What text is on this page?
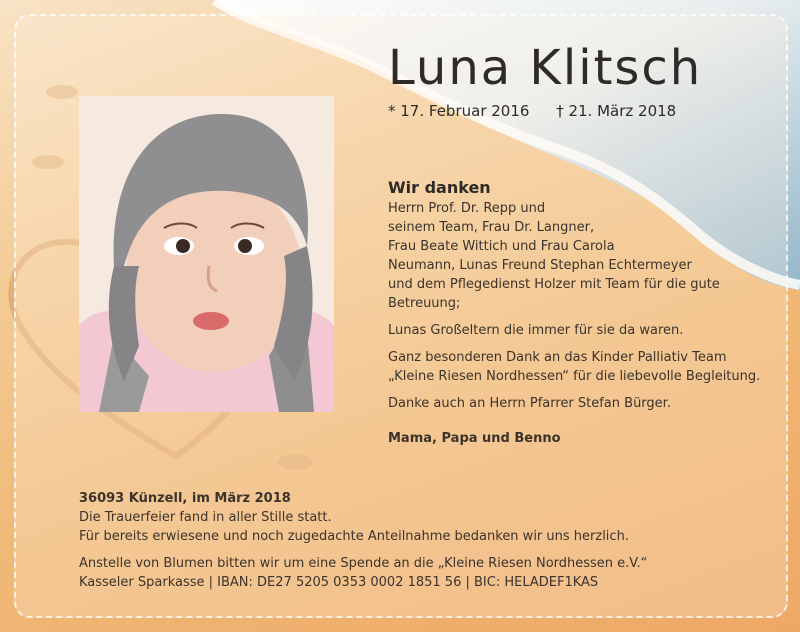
Luna Klitsch
* 17. Februar 2016 † 21. März 2018
Wir danken

Herrn Prof. Dr. Repp und

seinem Team, Frau Dr. Langner,

Frau Beate Wittich und Frau Carola

Neumann, Lunas Freund Stephan Echtermeyer

und dem Pflegedienst Holzer mit Team für die gute

Betreuung;

Lunas Großeltern die immer für sie da waren.

Ganz besonderen Dank an das Kinder Palliativ Team

„Kleine Riesen Nordhessen“ für die liebevolle Begleitung.

Danke auch an Herrn Pfarrer Stefan Bürger.

Mama, Papa und Benno

36093 Künzell, im März 2018

Die Trauerfeier fand in aller Stille statt.

Für bereits erwiesene und noch zugedachte Anteilnahme bedanken wir uns herzlich.

Anstelle von Blumen bitten wir um eine Spende an die „Kleine Riesen Nordhessen e.V.“

Kasseler Sparkasse | IBAN: DE27 5205 0353 0002 1851 56 | BIC: HELADEF1KAS
